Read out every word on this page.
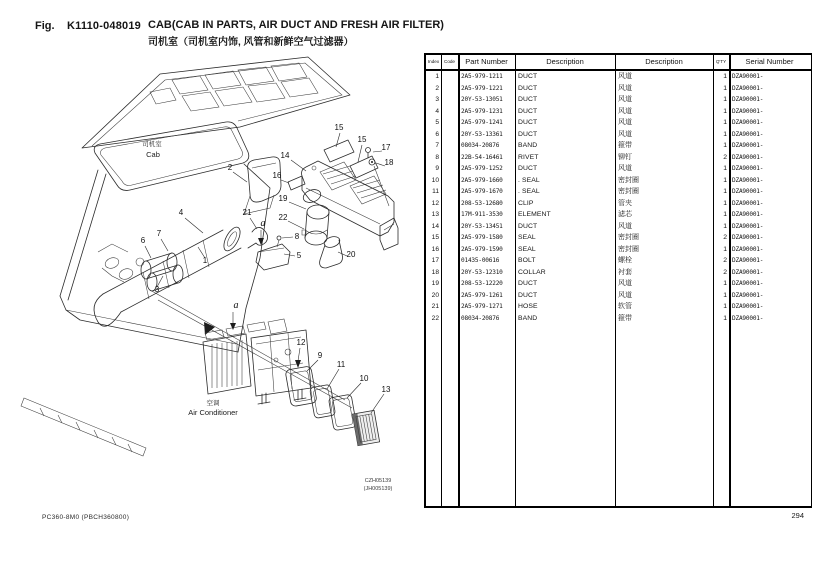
Fig. K1110-048019 CAB(CAB IN PARTS, AIR DUCT AND FRESH AIR FILTER)
司机室（司机室内饰, 风管和新鲜空气过滤器）
司机室
Cab
空调
Air Conditioner
CZH05139
(JH005139)
1
2
3
4
5
6
7	8
9
10
11
12
13
14
15
15
16
17
18
19
20
21
22
a
a
Index	Code	Part Number	Description	Description	Q'TY	Serial Number
1	2A5-979-1211	DUCT	风道	1 DZA90001-
2	2A5-979-1221	DUCT	风道	1 DZA90001-
3	20Y-53-13051	DUCT	风道	1 DZA90001-
4	2A5-979-1231	DUCT	风道	1 DZA90001-
5	2A5-979-1241	DUCT	风道	1 DZA90001-
6	20Y-53-13361	DUCT	风道	1 DZA90001-
7	08034-20876	BAND	箍带	1 DZA90001-
8	22B-54-16461	RIVET	铆钉	2 DZA90001-
9	2A5-979-1252	DUCT	风道	1 DZA90001-
10	2A5-979-1660	. SEAL	密封圈	1 DZA90001-
11	2A5-979-1670	. SEAL	密封圈	1 DZA90001-
12	208-53-12680	CLIP	管夹	1 DZA90001-
13	17M-911-3530	ELEMENT	滤芯	1 DZA90001-
14	20Y-53-13451	DUCT	风道	1 DZA90001-
15	2A5-979-1580	SEAL	密封圈	2 DZA90001-
16	2A5-979-1590	SEAL	密封圈	1 DZA90001-
17	01435-00616	BOLT	螺栓	2 DZA90001-
18	20Y-53-12310	COLLAR	衬套	2 DZA90001-
19	208-53-12220	DUCT	风道	1 DZA90001-
20	2A5-979-1261	DUCT	风道	1 DZA90001-
21	2A5-979-1271	HOSE	软管	1 DZA90001-
22	08034-20876	BAND	箍带	1 DZA90001-
PC360-8M0 (PBCH360800)	294
